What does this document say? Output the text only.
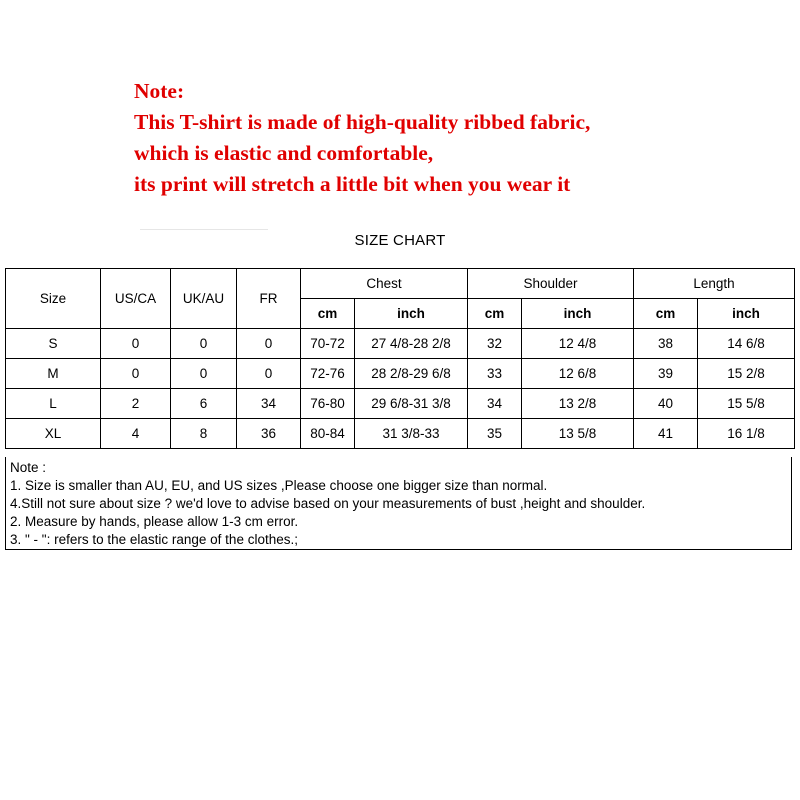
Note:
This T-shirt is made of high-quality ribbed fabric,
which is elastic and comfortable,
its print will stretch a little bit when you wear it
SIZE CHART
Size	US/CA	UK/AU	FR	Chest		Shoulder		Length	
				cm	inch	cm	inch	cm	inch
S	0	0	0	70-72	27 4/8-28 2/8	32	12 4/8	38	14 6/8
M	0	0	0	72-76	28 2/8-29 6/8	33	12 6/8	39	15 2/8
L	2	6	34	76-80	29 6/8-31 3/8	34	13 2/8	40	15 5/8
XL	4	8	36	80-84	31 3/8-33	35	13 5/8	41	16 1/8
Note :
1. Size is smaller than AU, EU, and US sizes ,Please choose one bigger size than normal.
4.Still not sure about size ? we'd love to advise based on your measurements of bust ,height and shoulder.
2. Measure by hands, please allow 1-3 cm error.
3. " - ": refers to the elastic range of the clothes.;
